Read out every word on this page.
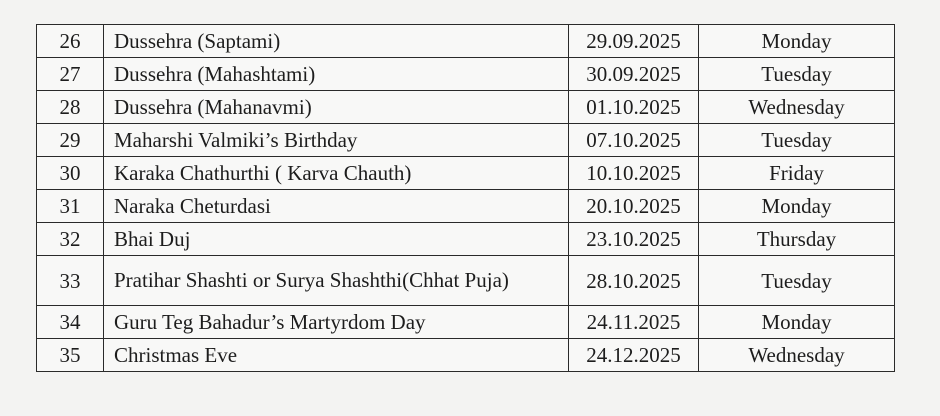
26	Dussehra (Saptami)	29.09.2025	Monday
27	Dussehra (Mahashtami)	30.09.2025	Tuesday
28	Dussehra (Mahanavmi)	01.10.2025	Wednesday
29	Maharshi Valmiki’s Birthday	07.10.2025	Tuesday
30	Karaka Chathurthi ( Karva Chauth)	10.10.2025	Friday
31	Naraka Cheturdasi	20.10.2025	Monday
32	Bhai Duj	23.10.2025	Thursday
33	Pratihar Shashti or Surya Shashthi(Chhat Puja)	28.10.2025	Tuesday
34	Guru Teg Bahadur’s Martyrdom Day	24.11.2025	Monday
35	Christmas Eve	24.12.2025	Wednesday
